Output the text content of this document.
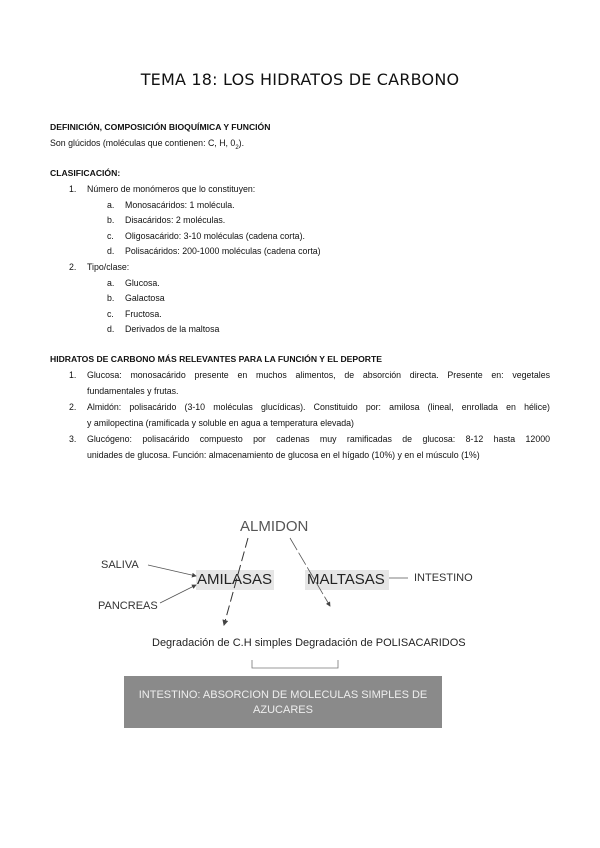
TEMA 18: LOS HIDRATOS DE CARBONO
DEFINICIÓN, COMPOSICIÓN BIOQUÍMICA Y FUNCIÓN
Son glúcidos (moléculas que contienen: C, H, $0_2$).
CLASIFICACIÓN:
1. Número de monómeros que lo constituyen:
a. Monosacáridos: 1 molécula.
b. Disacáridos: 2 moléculas.
c. Oligosacárido: 3-10 moléculas (cadena corta).
d. Polisacáridos: 200-1000 moléculas (cadena corta)
2. Tipo/clase:
a. Glucosa.
b. Galactosa
c. Fructosa.
d. Derivados de la maltosa
HIDRATOS DE CARBONO MÁS RELEVANTES PARA LA FUNCIÓN Y EL DEPORTE
1. Glucosa: monosacárido presente en muchos alimentos, de absorción directa. Presente en: vegetales
fundamentales y frutas.
2. Almidón: polisacárido (3-10 moléculas glucídicas). Constituido por: amilosa (lineal, enrollada en hélice)
y amilopectina (ramificada y soluble en agua a temperatura elevada)
3. Glucógeno: polisacárido compuesto por cadenas muy ramificadas de glucosa: 8-12 hasta 12000
unidades de glucosa. Función: almacenamiento de glucosa en el hígado (10%) y en el músculo (1%)
ALMIDON
SALIVA
PANCREAS
AMILASAS MALTASAS	INTESTINO
Degradación de C.H simples Degradación de POLISACARIDOS
INTESTINO: ABSORCION DE MOLECULAS SIMPLES DE
AZUCARES
